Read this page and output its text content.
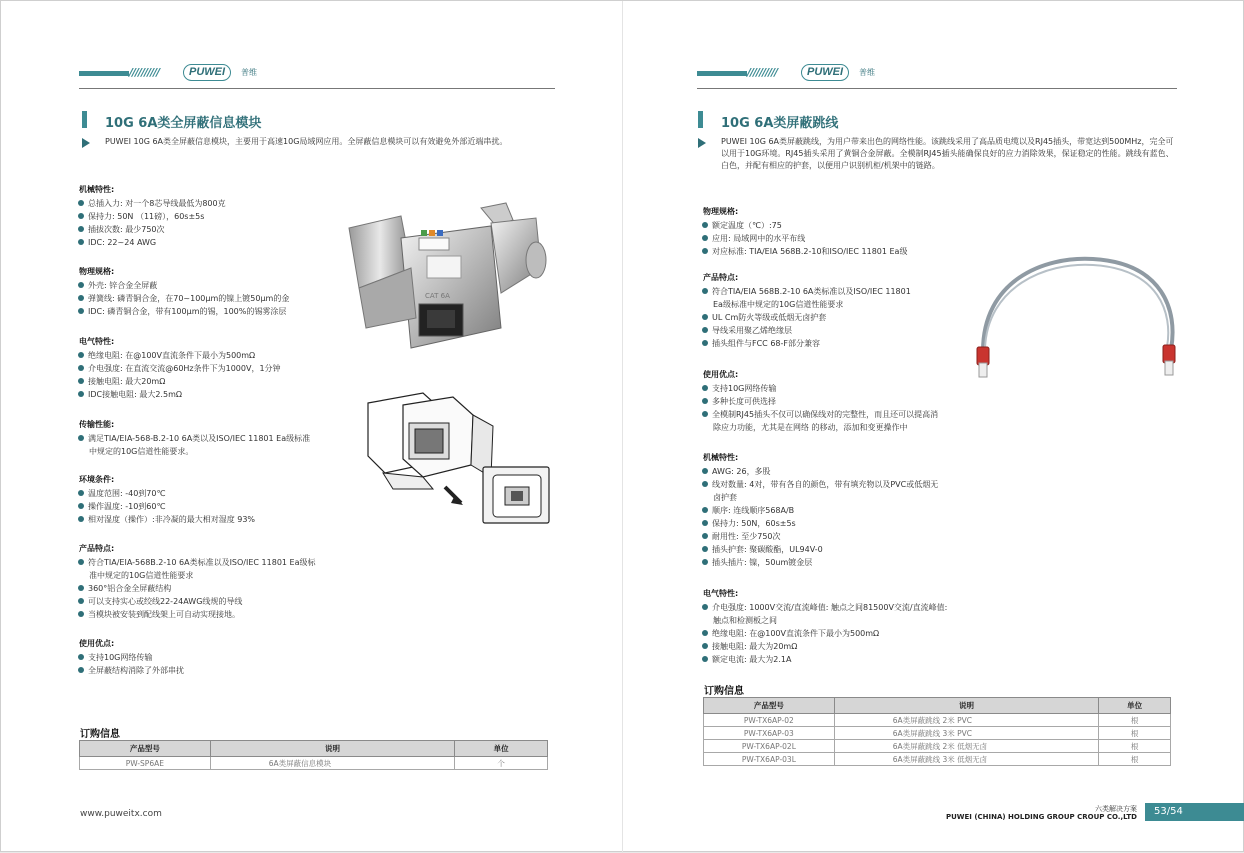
//////////	PUWEI	普维
10G 6A类全屏蔽信息模块
PUWEI 10G 6A类全屏蔽信息模块，主要用于高速10G局域网应用。全屏蔽信息模块可以有效避免外部近端串扰。
机械特性:
总插入力: 对一个8芯导线最低为800克
保持力: 50N （11磅），60s±5s
插拔次数: 最少750次
IDC: 22~24 AWG
物理规格:
外壳: 锌合金全屏蔽
弹簧线: 磷青铜合金，在70~100μm的镍上镀50μm的金
IDC: 磷青铜合金，带有100μm的锡，100%的锡雾涂层
电气特性:
绝缘电阻: 在@100V直流条件下最小为500mΩ
介电强度: 在直流交流@60Hz条件下为1000V，1分钟
接触电阻: 最大20mΩ
IDC接触电阻: 最大2.5mΩ
传输性能:
满足TIA/EIA-568-B.2-10 6A类以及ISO/IEC 11801 Ea级标准
中规定的10G信道性能要求。
环境条件:
温度范围: -40到70℃
操作温度: -10到60℃
相对湿度（操作）:非冷凝的最大相对湿度 93%
产品特点:
符合TIA/EIA-568B.2-10 6A类标准以及ISO/IEC 11801 Ea级标
准中规定的10G信道性能要求
360°铝合金全屏蔽结构
可以支持实心或绞线22-24AWG线规的导线
当模块被安装到配线架上可自动实现接地。
使用优点:
支持10G网络传输
全屏蔽结构消除了外部串扰
CAT 6A
订购信息
产品型号	说明	单位
PW-SP6AE	6A类屏蔽信息模块	个
www.puweitx.com
//////////	PUWEI	普维
10G 6A类屏蔽跳线
PUWEI 10G 6A类屏蔽跳线，为用户带来出色的网络性能。该跳线采用了高品质电缆以及RJ45插头，带宽达到500MHz，完全可以用于10G环境。RJ45插头采用了黄铜合金屏蔽。全模制RJ45插头能确保良好的应力消除效果，保证稳定的性能。跳线有蓝色、白色，并配有相应的护套，以便用户识别机柜/机架中的链路。
物理规格:
额定温度（℃）:75
应用: 局域网中的水平布线
对应标准: TIA/EIA 568B.2-10和ISO/IEC 11801 Ea级
产品特点:
符合TIA/EIA 568B.2-10 6A类标准以及ISO/IEC 11801
Ea级标准中规定的10G信道性能要求
UL Cm防火等级或低烟无卤护套
导线采用聚乙烯绝缘层
插头组件与FCC 68-F部分兼容
使用优点:
支持10G网络传输
多种长度可供选择
全模制RJ45插头不仅可以确保线对的完整性，而且还可以提高消
除应力功能，尤其是在网络 的移动，添加和变更操作中
机械特性:
AWG: 26，多股
线对数量: 4对，带有各自的颜色，带有填充物以及PVC或低烟无
卤护套
顺序: 连线顺序568A/B
保持力: 50N，60s±5s
耐用性: 至少750次
插头护套: 聚碳酸酯，UL94V-0
插头插片: 镍，50um镀金层
电气特性:
介电强度: 1000V交流/直流峰值: 触点之间81500V交流/直流峰值:
触点和检测板之间
绝缘电阻: 在@100V直流条件下最小为500mΩ
接触电阻: 最大为20mΩ
额定电流: 最大为2.1A
订购信息
产品型号	说明	单位
PW-TX6AP-02	6A类屏蔽跳线 2米 PVC	根
PW-TX6AP-03	6A类屏蔽跳线 3米 PVC	根
PW-TX6AP-02L	6A类屏蔽跳线 2米 低烟无卤	根
PW-TX6AP-03L	6A类屏蔽跳线 3米 低烟无卤	根
六类解决方案
PUWEI (CHINA) HOLDING GROUP CROUP CO.,LTD	53/54
